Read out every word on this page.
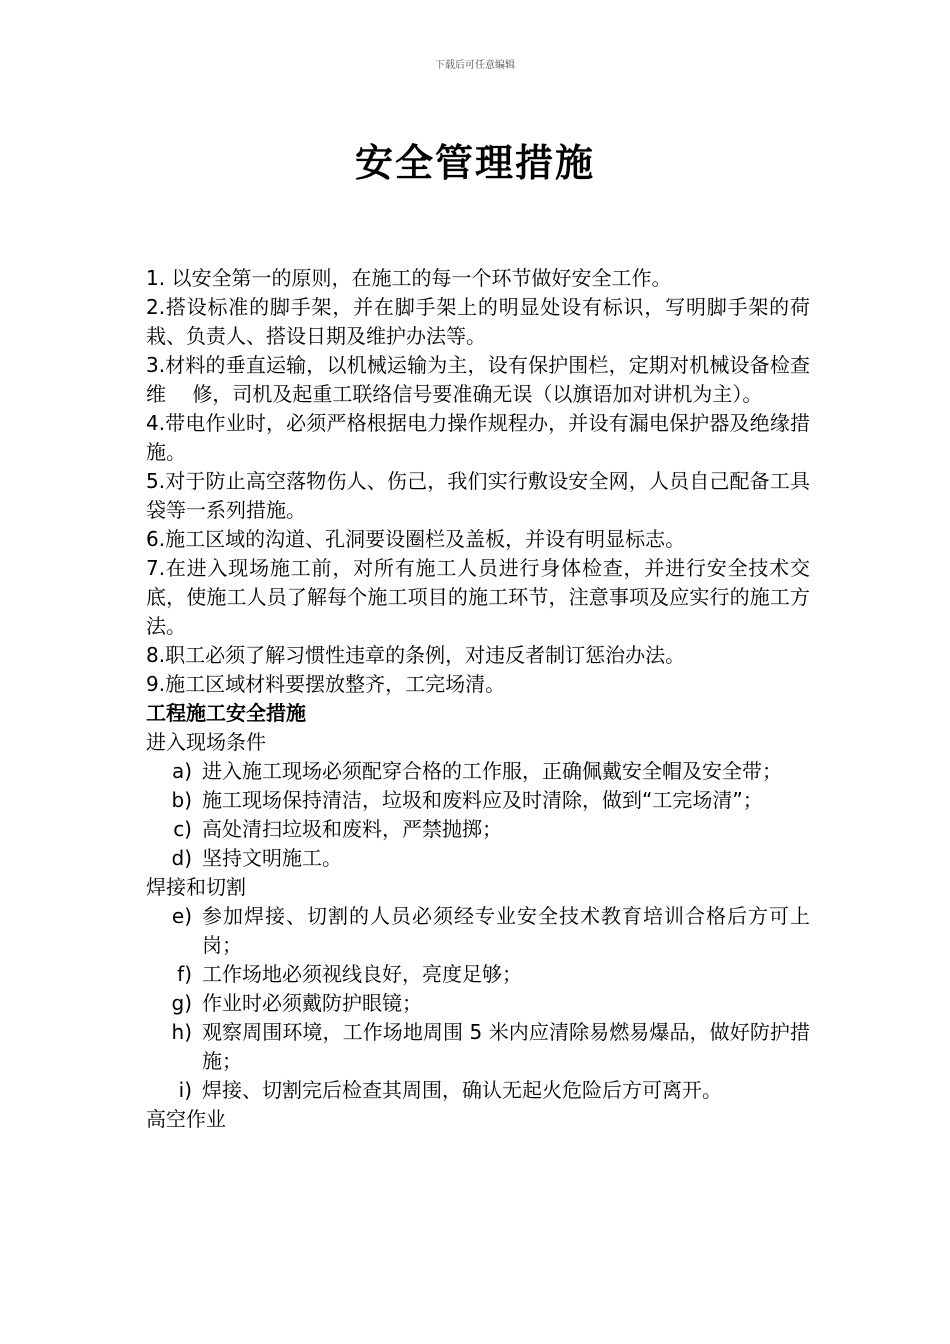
下载后可任意编辑
安全管理措施

1. 以安全第一的原则，在施工的每一个环节做好安全工作。

2.搭设标准的脚手架，并在脚手架上的明显处设有标识，写明脚手架的荷栽、负责人、搭设日期及维护办法等。

3.材料的垂直运输，以机械运输为主，设有保护围栏，定期对机械设备检查维　 修，司机及起重工联络信号要准确无误（以旗语加对讲机为主）。

4.带电作业时，必须严格根据电力操作规程办，并设有漏电保护器及绝缘措施。

5.对于防止高空落物伤人、伤己，我们实行敷设安全网，人员自己配备工具袋等一系列措施。

6.施工区域的沟道、孔洞要设圈栏及盖板，并设有明显标志。

7.在进入现场施工前，对所有施工人员进行身体检查，并进行安全技术交底，使施工人员了解每个施工项目的施工环节，注意事项及应实行的施工方法。

8.职工必须了解习惯性违章的条例，对违反者制订惩治办法。

9.施工区域材料要摆放整齐，工完场清。

工程施工安全措施

进入现场条件

a) 进入施工现场必须配穿合格的工作服，正确佩戴安全帽及安全带；
b) 施工现场保持清洁，垃圾和废料应及时清除，做到“工完场清”；
c) 高处清扫垃圾和废料，严禁抛掷；
d) 坚持文明施工。

焊接和切割

e) 参加焊接、切割的人员必须经专业安全技术教育培训合格后方可上岗；
f) 工作场地必须视线良好，亮度足够；
g) 作业时必须戴防护眼镜；
h) 观察周围环境，工作场地周围 5 米内应清除易燃易爆品，做好防护措施；
i) 焊接、切割完后检查其周围，确认无起火危险后方可离开。

高空作业
